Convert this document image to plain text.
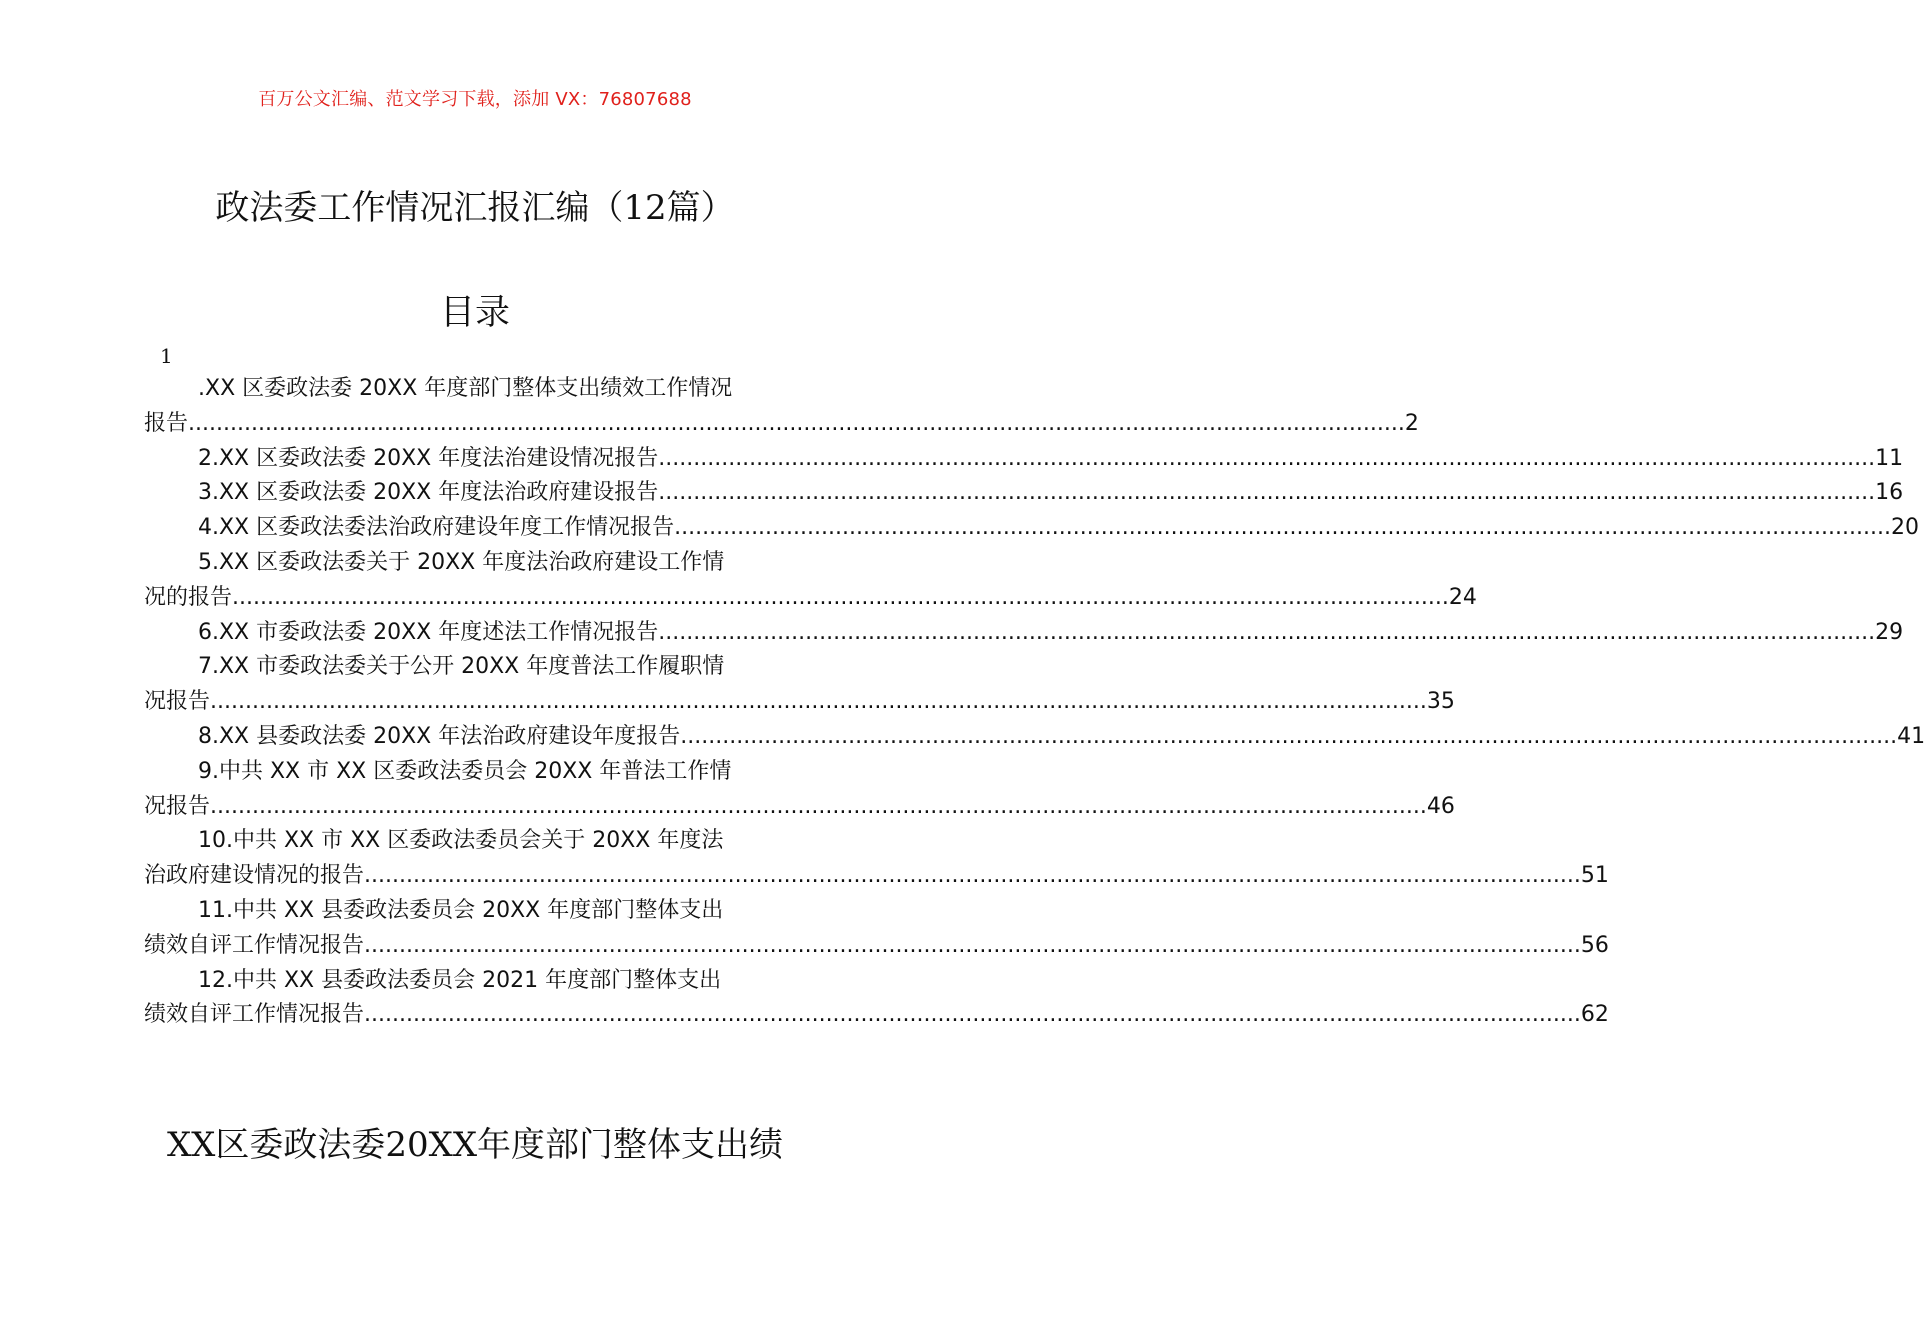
百万公文汇编、范文学习下载，添加 VX：76807688
政法委工作情况汇报汇编（12篇）
目录
1
.XX 区委政法委 20XX 年度部门整体支出绩效工作情况
报告 .....	2
2.XX 区委政法委 20XX 年度法治建设情况报告 .....	11
3.XX 区委政法委 20XX 年度法治政府建设报告 .....	16
4.XX 区委政法委法治政府建设年度工作情况报告 .....	20
5.XX 区委政法委关于 20XX 年度法治政府建设工作情
况的报告 .....	24
6.XX 市委政法委 20XX 年度述法工作情况报告 .....	29
7.XX 市委政法委关于公开 20XX 年度普法工作履职情
况报告 .....	35
8.XX 县委政法委 20XX 年法治政府建设年度报告 .....	41
9.中共 XX 市 XX 区委政法委员会 20XX 年普法工作情
况报告 .....	46
10.中共 XX 市 XX 区委政法委员会关于 20XX 年度法
治政府建设情况的报告 .....	51
11.中共 XX 县委政法委员会 20XX 年度部门整体支出
绩效自评工作情况报告 .....	56
12.中共 XX 县委政法委员会 2021 年度部门整体支出
绩效自评工作情况报告 .....	62
XX区委政法委20XX年度部门整体支出绩
